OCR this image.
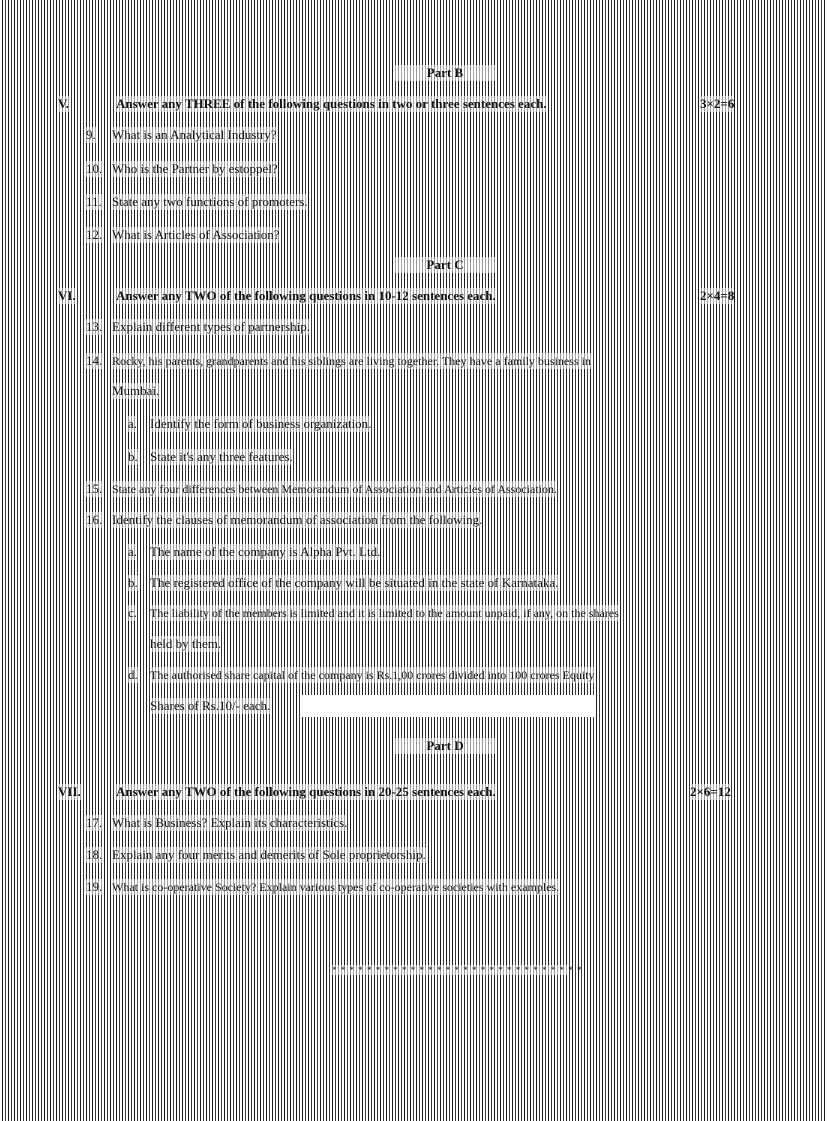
Part B
V.	Answer any THREE of the following questions in two or three sentences each.	3×2=6
9. What is an Analytical Industry?
10. Who is the Partner by estoppel?
11. State any two functions of promoters.
12. What is Articles of Association?
Part C
VI.	Answer any TWO of the following questions in 10-12 sentences each.	2×4=8
13. Explain different types of partnership.
14. Rocky, his parents, grandparents and his siblings are living together. They have a family business in
Mumbai.
a. Identify the form of business organization.
b. State it's any three features.
15. State any four differences between Memorandum of Association and Articles of Association.
16. Identify the clauses of memorandum of association from the following.
a. The name of the company is Alpha Pvt. Ltd.
b. The registered office of the company will be situated in the state of Karnataka.
c. The liability of the members is limited and it is limited to the amount unpaid, if any, on the shares
held by them.
d. The authorised share capital of the company is Rs.1,00 crores divided into 100 crores Equity
Shares of Rs.10/- each.
Part D
VII.	Answer any TWO of the following questions in 20-25 sentences each.	2×6=12
17. What is Business? Explain its characteristics.
18. Explain any four merits and demerits of Sole proprietorship.
19. What is co-operative Society? Explain various types of co-operative societies with examples.
* * * * * * * * * * * * * * * * * * * * * * * * * * * * *
